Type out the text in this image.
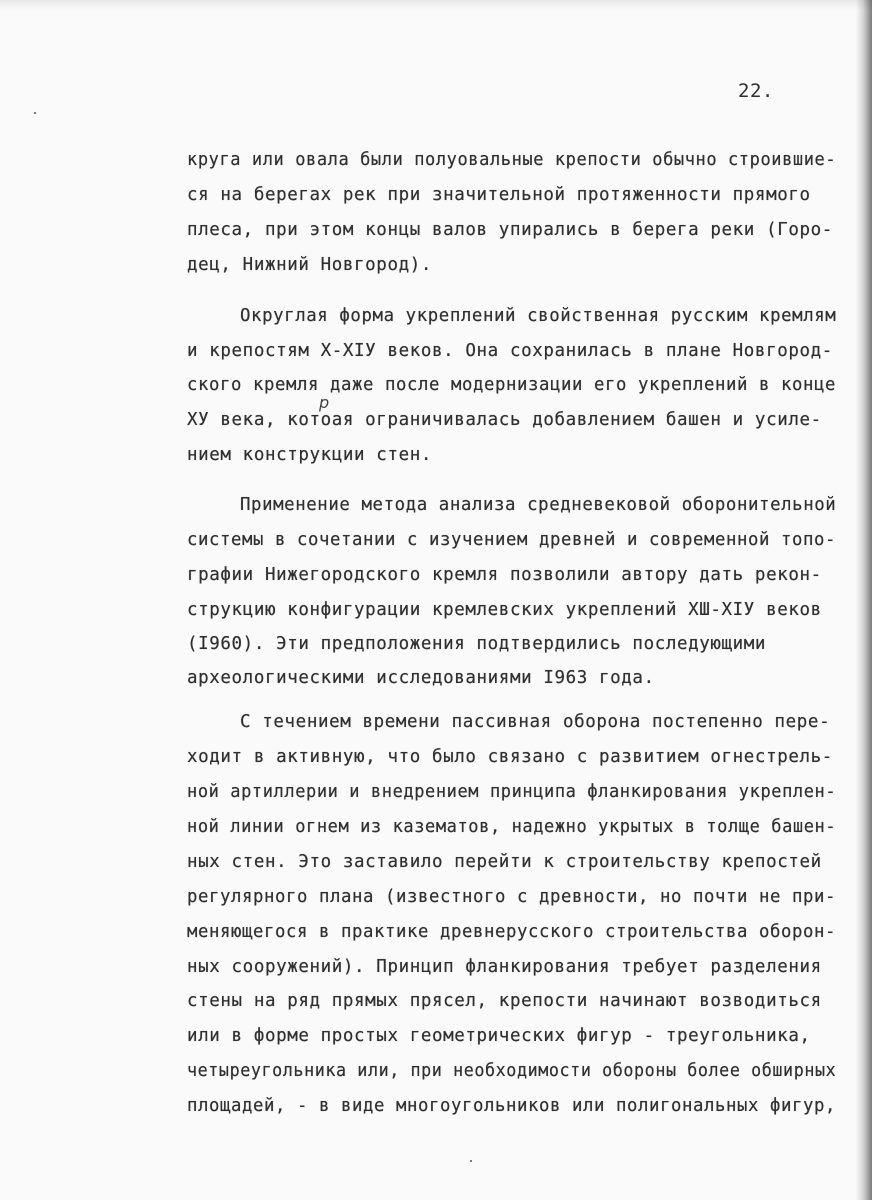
22.
круга или овала были полуовальные крепости обычно строившие-
ся на берегах рек при значительной протяженности прямого
плеса, при этом концы валов упирались в берега реки (Горо-
дец, Нижний Новгород).
Округлая форма укреплений свойственная русским кремлям
и крепостям X-XIУ веков. Она сохранилась в плане Новгород-
ского кремля даже после модернизации его укреплений в конце
XУ века, котоая ограничивалась добавлением башен и усиле-
нием конструкции стен.
р
Применение метода анализа средневековой оборонительной
системы в сочетании с изучением древней и современной топо-
графии Нижегородского кремля позволили автору дать рекон-
струкцию конфигурации кремлевских укреплений XШ-XIУ веков
(I960). Эти предположения подтвердились последующими
археологическими исследованиями I963 года.
С течением времени пассивная оборона постепенно пере-
ходит в активную, что было связано с развитием огнестрель-
ной артиллерии и внедрением принципа фланкирования укреплен-
ной линии огнем из казематов, надежно укрытых в толще башен-
ных стен. Это заставило перейти к строительству крепостей
регулярного плана (известного с древности, но почти не при-
меняющегося в практике древнерусского строительства оборон-
ных сооружений). Принцип фланкирования требует разделения
стены на ряд прямых прясел, крепости начинают возводиться
или в форме простых геометрических фигур - треугольника,
четыреугольника или, при необходимости обороны более обширных
площадей, - в виде многоугольников или полигональных фигур,
